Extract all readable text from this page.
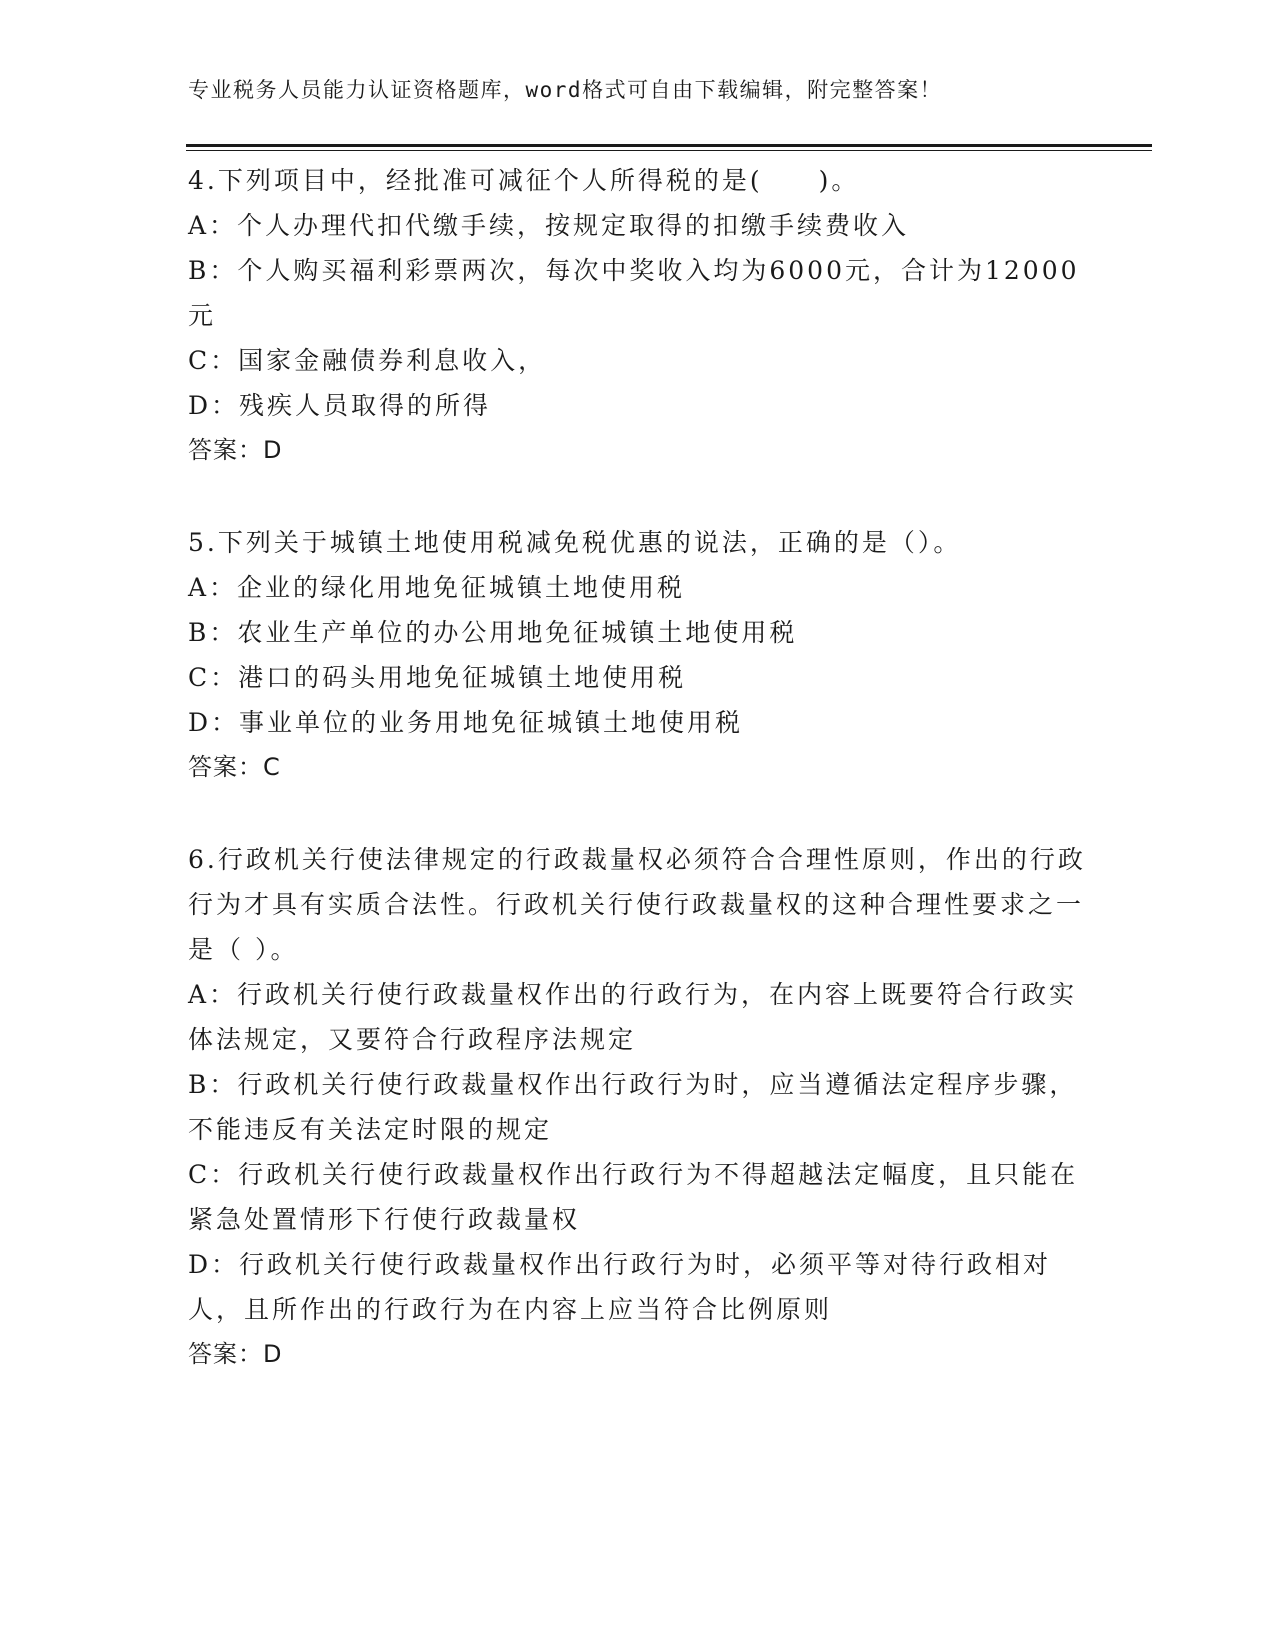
专业税务人员能力认证资格题库，word格式可自由下载编辑，附完整答案！

4.下列项目中，经批准可减征个人所得税的是(　　)。

A：个人办理代扣代缴手续，按规定取得的扣缴手续费收入

B：个人购买福利彩票两次，每次中奖收入均为6000元，合计为12000元

C：国家金融债券利息收入，

D：残疾人员取得的所得

答案：D

5.下列关于城镇土地使用税减免税优惠的说法，正确的是（）。

A：企业的绿化用地免征城镇土地使用税

B：农业生产单位的办公用地免征城镇土地使用税

C：港口的码头用地免征城镇土地使用税

D：事业单位的业务用地免征城镇土地使用税

答案：C

6.行政机关行使法律规定的行政裁量权必须符合合理性原则，作出的行政行为才具有实质合法性。行政机关行使行政裁量权的这种合理性要求之一是（ ）。

A：行政机关行使行政裁量权作出的行政行为，在内容上既要符合行政实体法规定，又要符合行政程序法规定

B：行政机关行使行政裁量权作出行政行为时，应当遵循法定程序步骤，不能违反有关法定时限的规定

C：行政机关行使行政裁量权作出行政行为不得超越法定幅度，且只能在紧急处置情形下行使行政裁量权

D：行政机关行使行政裁量权作出行政行为时，必须平等对待行政相对人，且所作出的行政行为在内容上应当符合比例原则

答案：D
